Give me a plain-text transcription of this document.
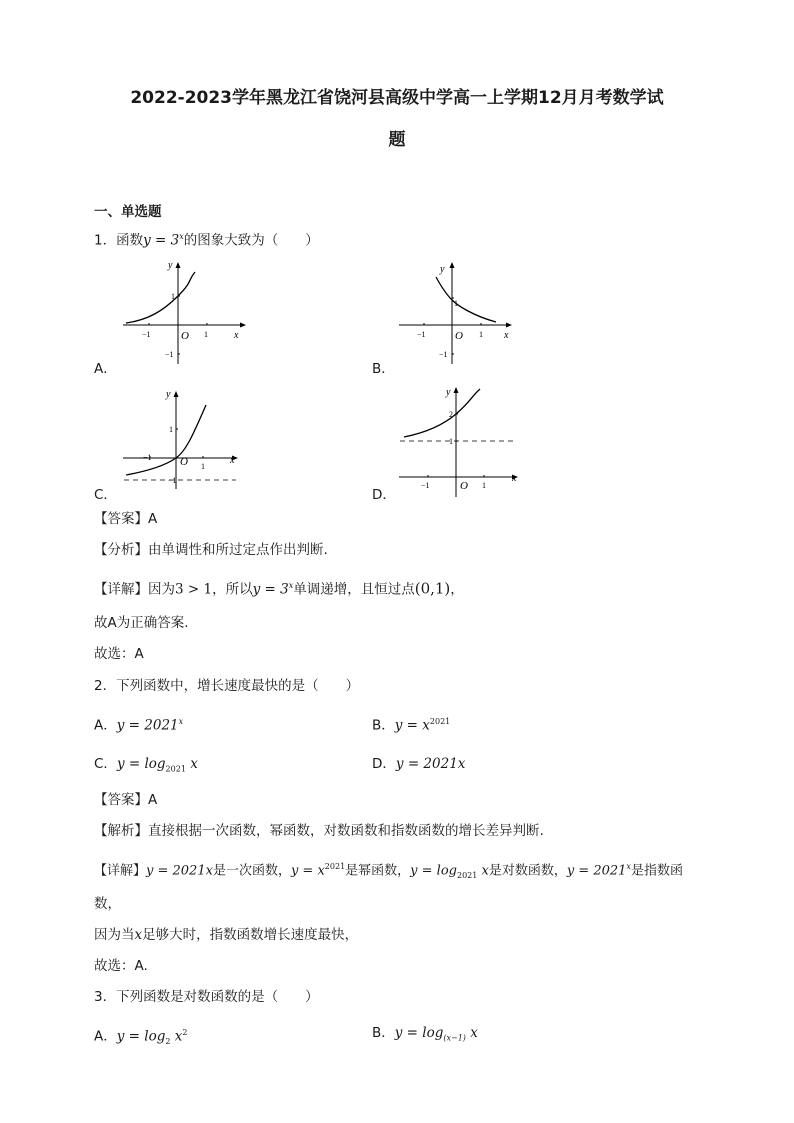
2022-2023学年黑龙江省饶河县高级中学高一上学期12月月考数学试
题
一、单选题
1．函数$y = 3^x$的图象大致为（　　）
y
x
O
−1	1
1
−1
A．
y
x
O
−1	1
1
−1
B．
y
x
O
−1
1
1
−1
C．
y
x
O
−1	1
2
1
D．
【答案】A
【分析】由单调性和所过定点作出判断.
【详解】因为3 > 1，所以$y = 3^x$单调递增，且恒过点(0,1)，
故A为正确答案.
故选：A
2．下列函数中，增长速度最快的是（　　）
A．$y = 2021^x$	B．$y = x^{2021}$
C．$y = \log_{2021} x$	D．y = 2021x
【答案】A
【解析】直接根据一次函数，幂函数，对数函数和指数函数的增长差异判断.
【详解】y = 2021x是一次函数，$y = x^{2021}$是幂函数，$y = \log_{2021} x$是对数函数，$y = 2021^x$是指数函
数，
因为当x足够大时，指数函数增长速度最快，
故选：A.
3．下列函数是对数函数的是（　　）
A．$y = \log_2 x^2$	B．$y = \log_{(x-1)} x$
